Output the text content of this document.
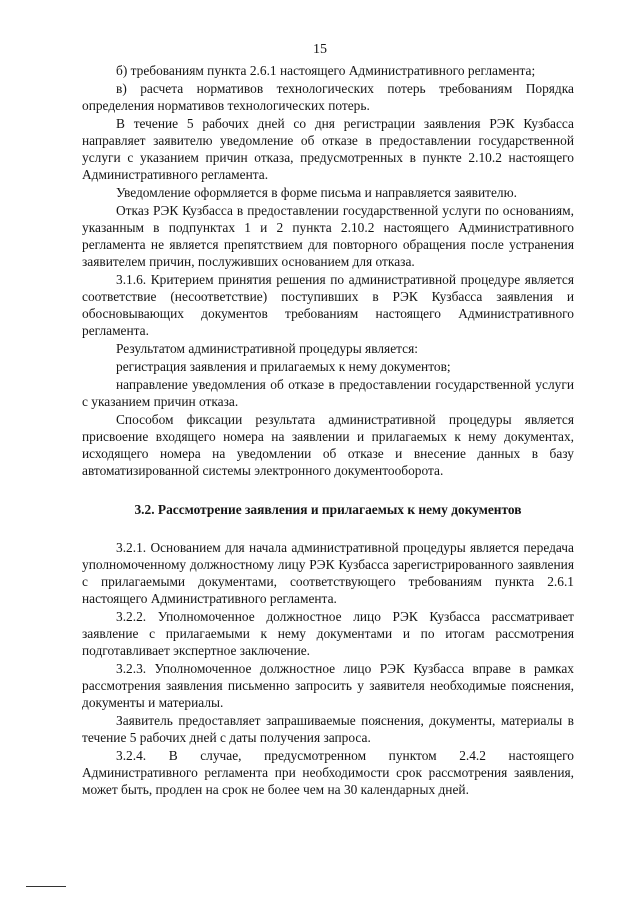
15

б) требованиям пункта 2.6.1 настоящего Административного регламента;

в) расчета нормативов технологических потерь требованиям Порядка определения нормативов технологических потерь.

В течение 5 рабочих дней со дня регистрации заявления РЭК Кузбасса направляет заявителю уведомление об отказе в предоставлении государственной услуги с указанием причин отказа, предусмотренных в пункте 2.10.2 настоящего Административного регламента.

Уведомление оформляется в форме письма и направляется заявителю.

Отказ РЭК Кузбасса в предоставлении государственной услуги по основаниям, указанным в подпунктах 1 и 2 пункта 2.10.2 настоящего Административного регламента не является препятствием для повторного обращения после устранения заявителем причин, послуживших основанием для отказа.

3.1.6. Критерием принятия решения по административной процедуре является соответствие (несоответствие) поступивших в РЭК Кузбасса заявления и обосновывающих документов требованиям настоящего Административного регламента.

Результатом административной процедуры является:

регистрация заявления и прилагаемых к нему документов;

направление уведомления об отказе в предоставлении государственной услуги с указанием причин отказа.

Способом фиксации результата административной процедуры является присвоение входящего номера на заявлении и прилагаемых к нему документах, исходящего номера на уведомлении об отказе и внесение данных в базу автоматизированной системы электронного документооборота.

3.2. Рассмотрение заявления и прилагаемых к нему документов

3.2.1. Основанием для начала административной процедуры является передача уполномоченному должностному лицу РЭК Кузбасса зарегистрированного заявления с прилагаемыми документами, соответствующего требованиям пункта 2.6.1 настоящего Административного регламента.

3.2.2. Уполномоченное должностное лицо РЭК Кузбасса рассматривает заявление с прилагаемыми к нему документами и по итогам рассмотрения подготавливает экспертное заключение.

3.2.3. Уполномоченное должностное лицо РЭК Кузбасса вправе в рамках рассмотрения заявления письменно запросить у заявителя необходимые пояснения, документы и материалы.

Заявитель предоставляет запрашиваемые пояснения, документы, материалы в течение 5 рабочих дней с даты получения запроса.

3.2.4. В случае, предусмотренном пунктом 2.4.2 настоящего Административного регламента при необходимости срок рассмотрения заявления, может быть, продлен на срок не более чем на 30 календарных дней.
